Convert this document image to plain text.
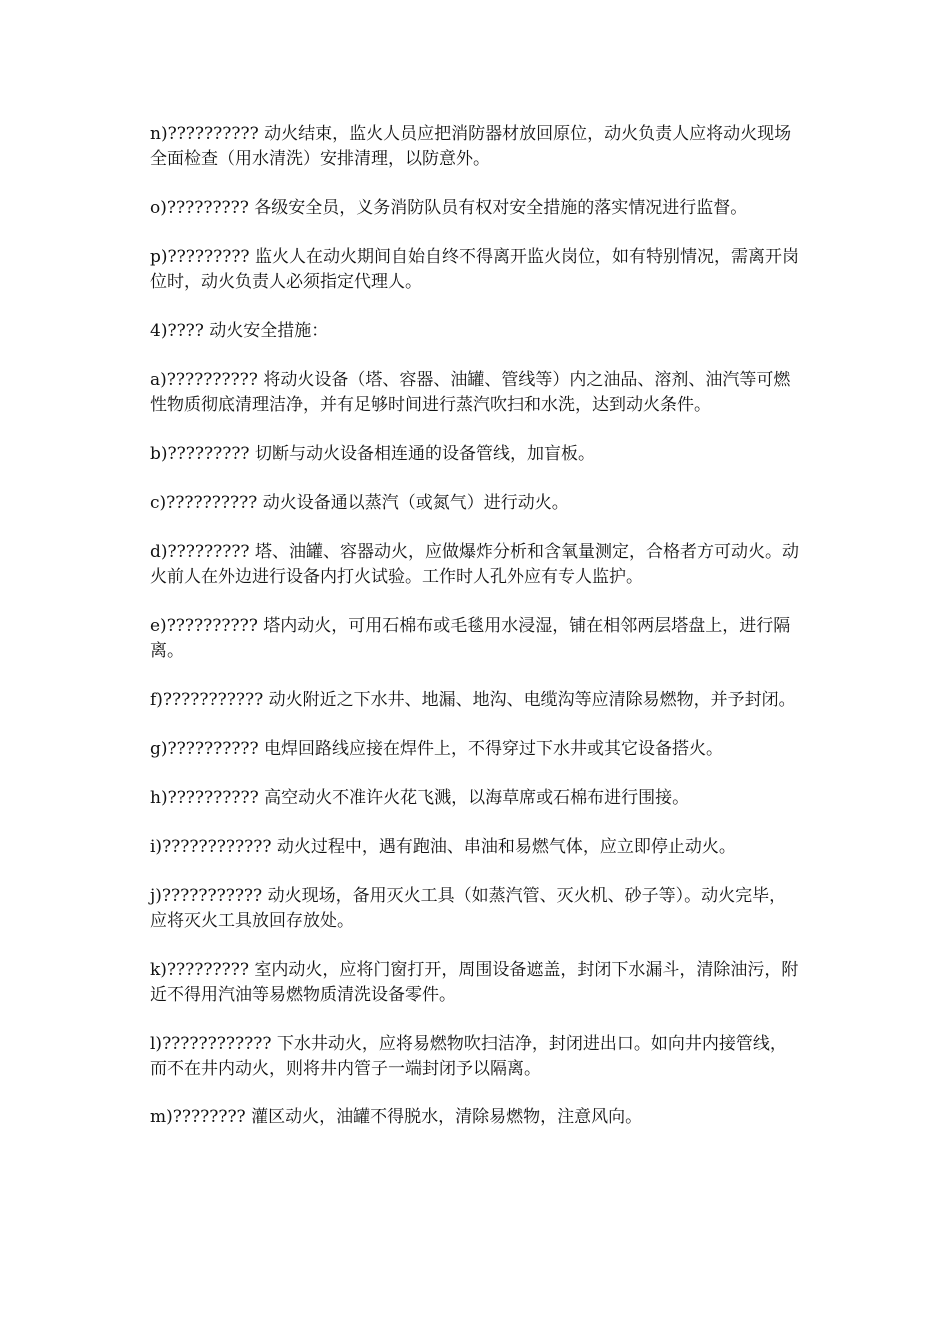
n)?????????? 动火结束，监火人员应把消防器材放回原位，动火负责人应将动火现场全面检查（用水清洗）安排清理，以防意外。

o)????????? 各级安全员，义务消防队员有权对安全措施的落实情况进行监督。

p)????????? 监火人在动火期间自始自终不得离开监火岗位，如有特别情况，需离开岗位时，动火负责人必须指定代理人。

4)???? 动火安全措施：

a)?????????? 将动火设备（塔、容器、油罐、管线等）内之油品、溶剂、油汽等可燃性物质彻底清理洁净，并有足够时间进行蒸汽吹扫和水洗，达到动火条件。

b)????????? 切断与动火设备相连通的设备管线，加盲板。

c)?????????? 动火设备通以蒸汽（或氮气）进行动火。

d)????????? 塔、油罐、容器动火，应做爆炸分析和含氧量测定，合格者方可动火。动火前人在外边进行设备内打火试验。工作时人孔外应有专人监护。

e)?????????? 塔内动火，可用石棉布或毛毯用水浸湿，铺在相邻两层塔盘上，进行隔离。

f)??????????? 动火附近之下水井、地漏、地沟、电缆沟等应清除易燃物，并予封闭。

g)?????????? 电焊回路线应接在焊件上，不得穿过下水井或其它设备搭火。

h)?????????? 高空动火不准许火花飞溅，以海草席或石棉布进行围接。

i)???????????? 动火过程中，遇有跑油、串油和易燃气体，应立即停止动火。

j)??????????? 动火现场，备用灭火工具（如蒸汽管、灭火机、砂子等）。动火完毕，应将灭火工具放回存放处。

k)????????? 室内动火，应将门窗打开，周围设备遮盖，封闭下水漏斗，清除油污，附近不得用汽油等易燃物质清洗设备零件。

l)???????????? 下水井动火，应将易燃物吹扫洁净，封闭进出口。如向井内接管线，而不在井内动火，则将井内管子一端封闭予以隔离。

m)???????? 灌区动火，油罐不得脱水，清除易燃物，注意风向。
